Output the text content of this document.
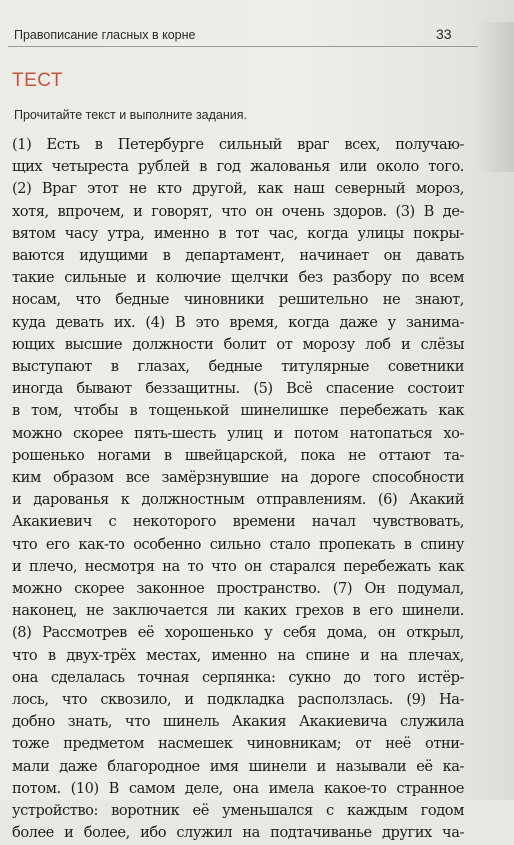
Правописание гласных в корне	33
ТЕСТ
Прочитайте текст и выполните задания.
(1) Есть в Петербурге сильный враг всех, получаю-
щих четыреста рублей в год жалованья или около того.
(2) Враг этот не кто другой, как наш северный мороз,
хотя, впрочем, и говорят, что он очень здоров. (3) В де-
вятом часу утра, именно в тот час, когда улицы покры-
ваются идущими в департамент, начинает он давать
такие сильные и колючие щелчки без разбору по всем
носам, что бедные чиновники решительно не знают,
куда девать их. (4) В это время, когда даже у занима-
ющих высшие должности болит от морозу лоб и слёзы
выступают в глазах, бедные титулярные советники
иногда бывают беззащитны. (5) Всё спасение состоит
в том, чтобы в тощенькой шинелишке перебежать как
можно скорее пять-шесть улиц и потом натопаться хо-
рошенько ногами в швейцарской, пока не оттают та-
ким образом все замёрзнувшие на дороге способности
и дарованья к должностным отправлениям. (6) Акакий
Акакиевич с некоторого времени начал чувствовать,
что его как-то особенно сильно стало пропекать в спину
и плечо, несмотря на то что он старался перебежать как
можно скорее законное пространство. (7) Он подумал,
наконец, не заключается ли каких грехов в его шинели.
(8) Рассмотрев её хорошенько у себя дома, он открыл,
что в двух-трёх местах, именно на спине и на плечах,
она сделалась точная серпянка: сукно до того истёр-
лось, что сквозило, и подкладка расползлась. (9) На-
добно знать, что шинель Акакия Акакиевича служила
тоже предметом насмешек чиновникам; от неё отни-
мали даже благородное имя шинели и называли её ка-
потом. (10) В самом деле, она имела какое-то странное
устройство: воротник её уменьшался с каждым годом
более и более, ибо служил на подтачиванье других ча-
